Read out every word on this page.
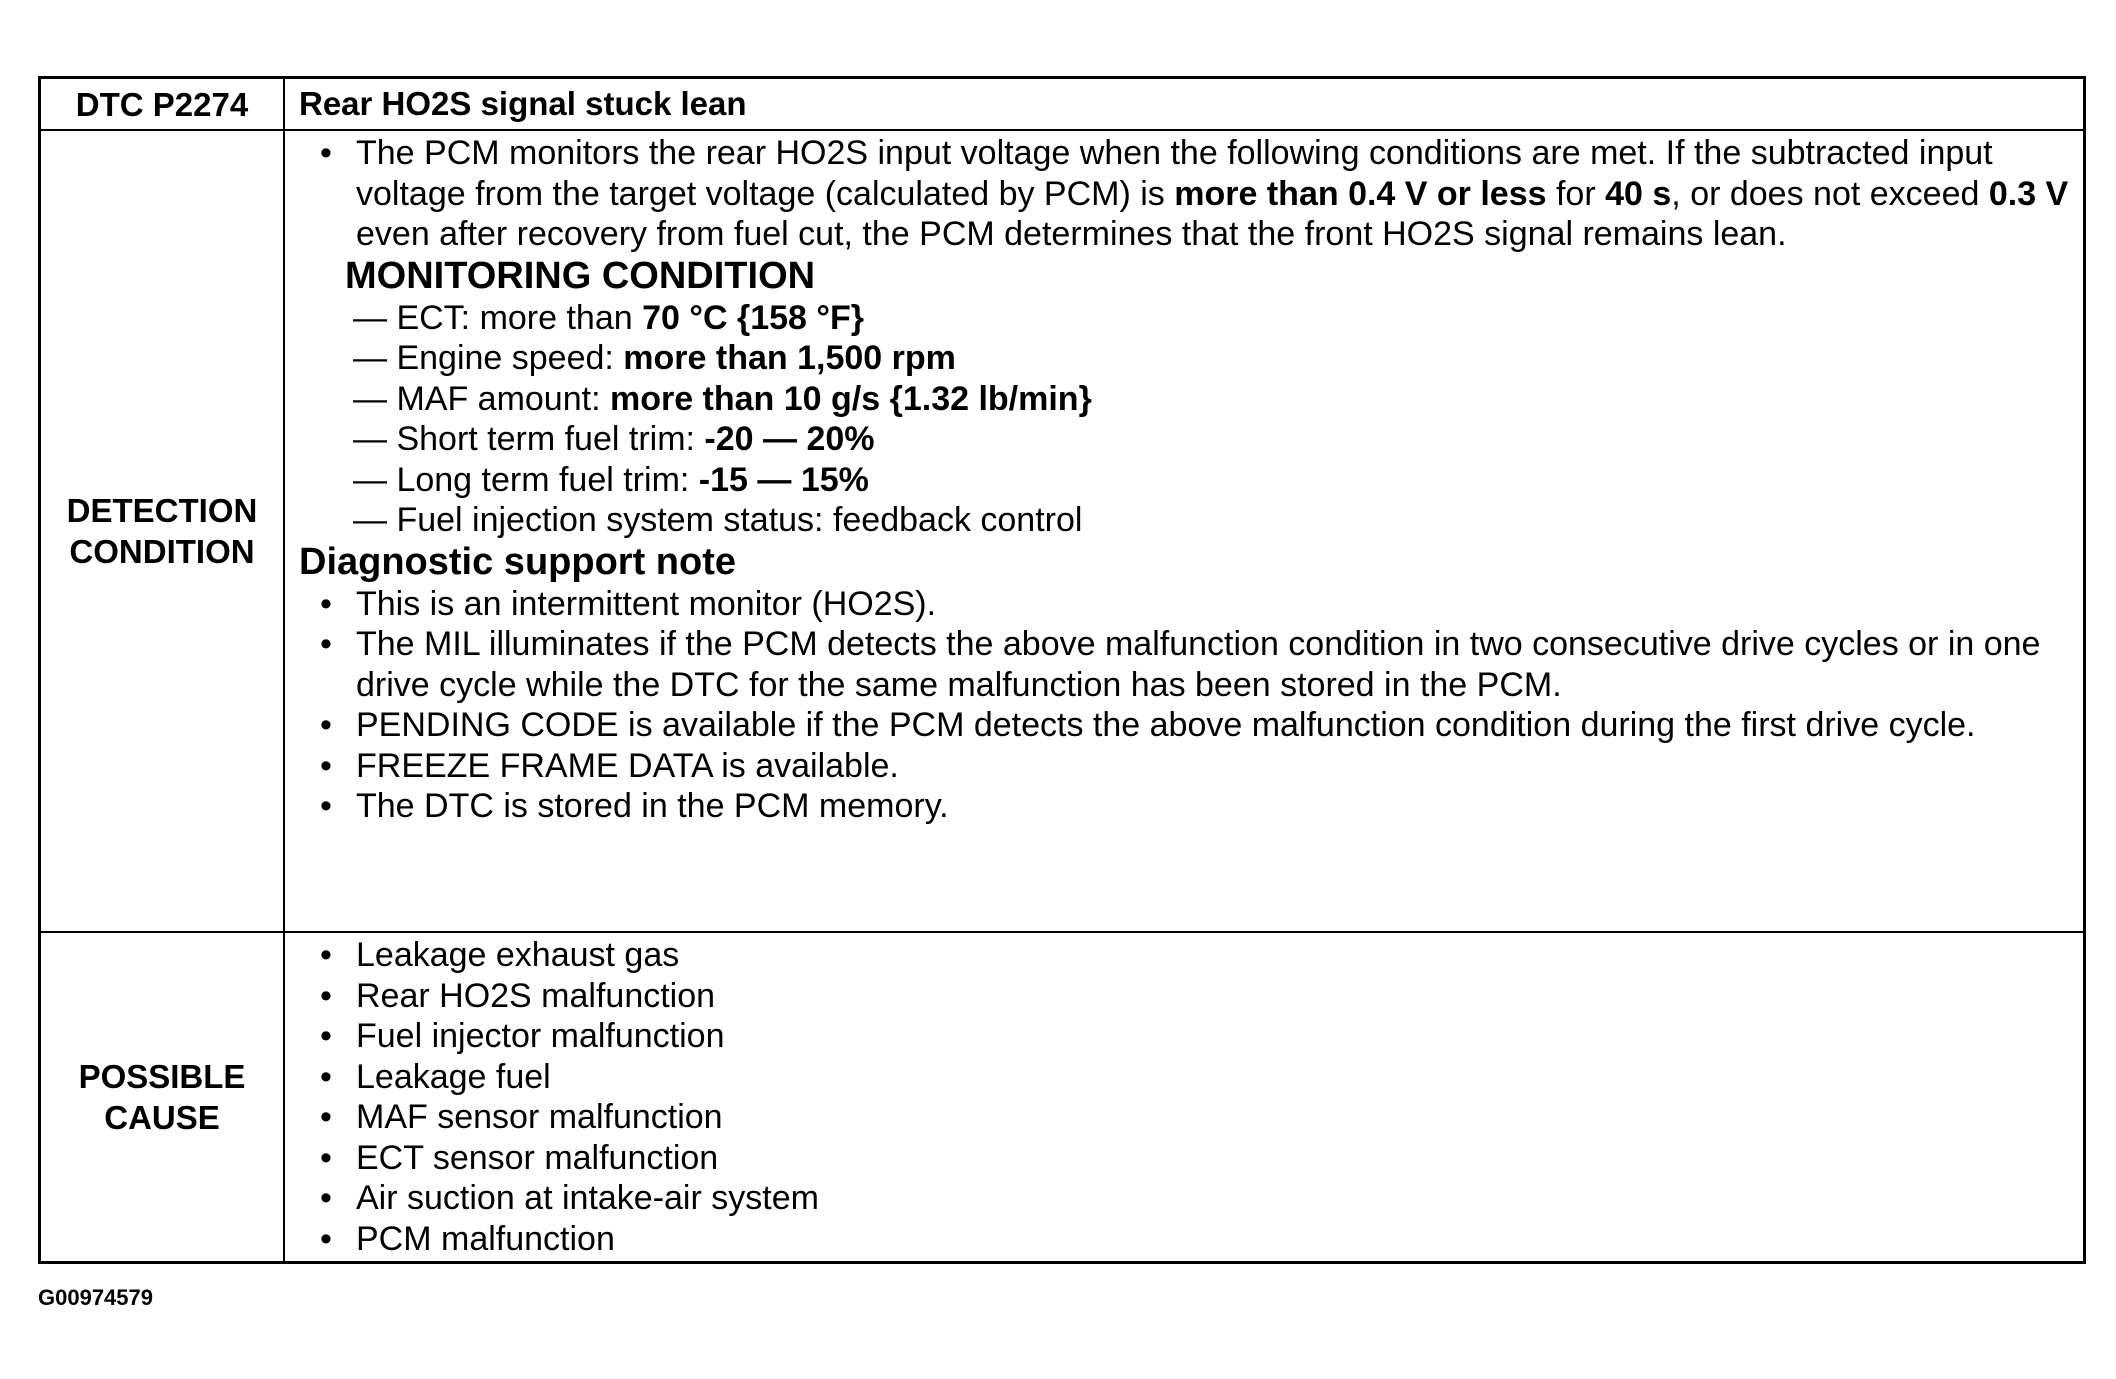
DTC P2274 Rear HO2S signal stuck lean
DETECTION
CONDITION
• The PCM monitors the rear HO2S input voltage when the following conditions are met. If the subtracted input voltage from the target voltage (calculated by PCM) is more than 0.4 V or less for 40 s, or does not exceed 0.3 V even after recovery from fuel cut, the PCM determines that the front HO2S signal remains lean.
MONITORING CONDITION
— ECT: more than 70 °C {158 °F}
— Engine speed: more than 1,500 rpm
— MAF amount: more than 10 g/s {1.32 lb/min}
— Short term fuel trim: -20 — 20%
— Long term fuel trim: -15 — 15%
— Fuel injection system status: feedback control
Diagnostic support note
• This is an intermittent monitor (HO2S).
• The MIL illuminates if the PCM detects the above malfunction condition in two consecutive drive cycles or in one drive cycle while the DTC for the same malfunction has been stored in the PCM.
• PENDING CODE is available if the PCM detects the above malfunction condition during the first drive cycle.
• FREEZE FRAME DATA is available.
• The DTC is stored in the PCM memory.
POSSIBLE
CAUSE
• Leakage exhaust gas
• Rear HO2S malfunction
• Fuel injector malfunction
• Leakage fuel
• MAF sensor malfunction
• ECT sensor malfunction
• Air suction at intake-air system
• PCM malfunction
G00974579
